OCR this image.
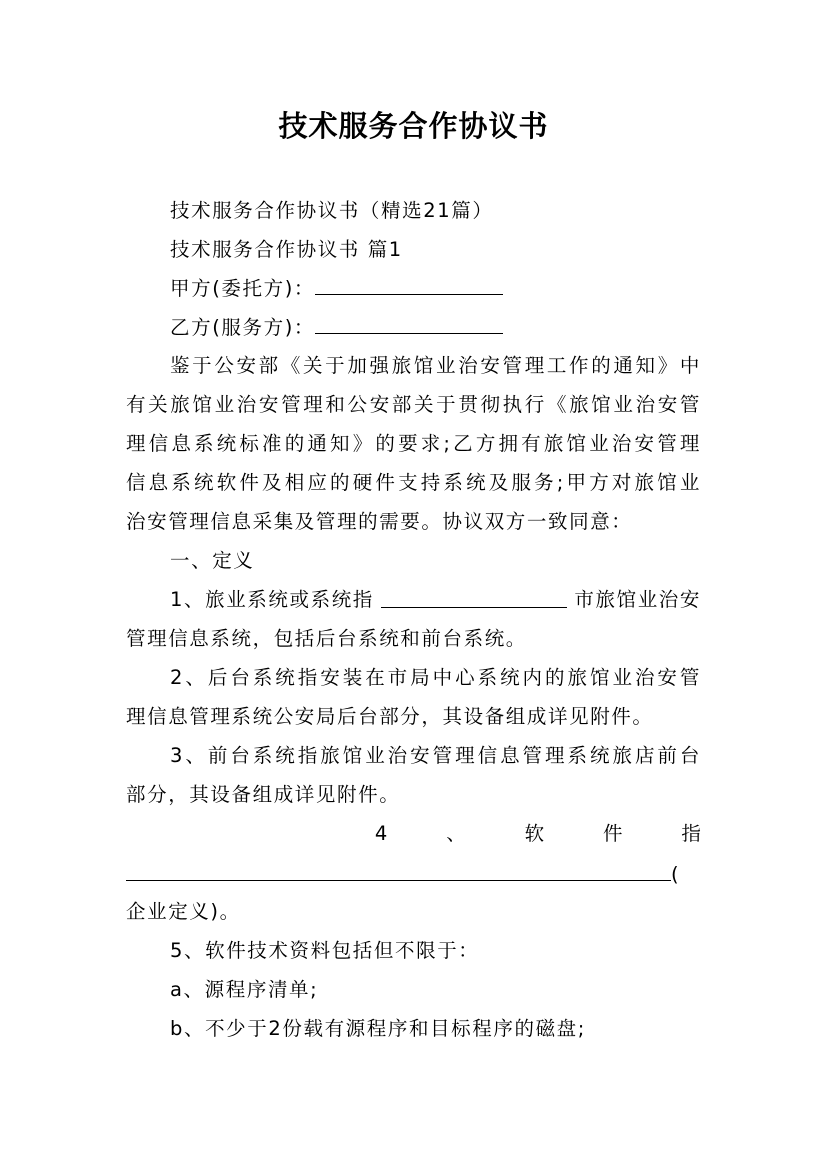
技术服务合作协议书
技术服务合作协议书（精选21篇）
技术服务合作协议书 篇1
甲方(委托方)：
乙方(服务方)：
鉴于公安部《关于加强旅馆业治安管理工作的通知》中
有关旅馆业治安管理和公安部关于贯彻执行《旅馆业治安管
理信息系统标准的通知》的要求;乙方拥有旅馆业治安管理
信息系统软件及相应的硬件支持系统及服务;甲方对旅馆业
治安管理信息采集及管理的需要。协议双方一致同意：
一、定义
1、旅业系统或系统指	市旅馆业治安
管理信息系统，包括后台系统和前台系统。
2、后台系统指安装在市局中心系统内的旅馆业治安管
理信息管理系统公安局后台部分，其设备组成详见附件。
3、前台系统指旅馆业治安管理信息管理系统旅店前台
部分，其设备组成详见附件。
4	、	软	件	指
(
企业定义)。
5、软件技术资料包括但不限于：
a、源程序清单;
b、不少于2份载有源程序和目标程序的磁盘;
